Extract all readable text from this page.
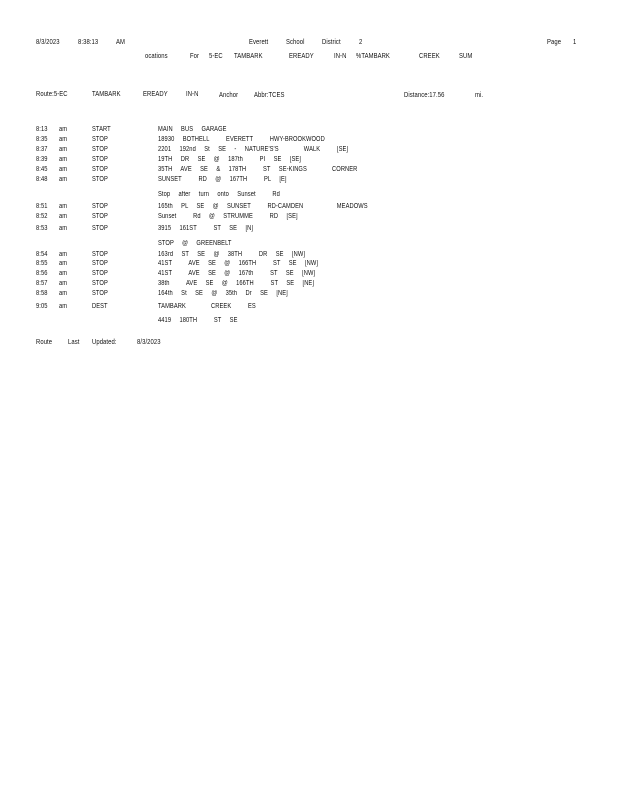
8/3/2023	8:38:13 AM	Everett School District	2	Page 1
ocations	For 5-EC TAMBARK	EREADY	IN-N %TAMBARK	CREEK	SUM
Route:5-EC	TAMBARK	EREADY	IN-N	Anchor Abbr:TCES	Distance:17.56	mi.
8:13 am	START	MAIN     BUS     GARAGE
8:35 am	STOP	18930     BOTHELL          EVERETT          HWY-BROOKWOOD
8:37 am	STOP	2201     192nd     St     SE     -     NATURE'S'S               WALK          [SE]
8:39 am	STOP	19TH     DR     SE     @     187th          PI     SE     [SE]
8:45 am	STOP	35TH     AVE     SE     &     178TH          ST     SE-KINGS               CORNER
8:48 am	STOP	SUNSET          RD     @     167TH          PL     [E]
Stop     after     turn     onto     Sunset          Rd
8:51 am	STOP	165th     PL     SE     @     SUNSET          RD-CAMDEN                    MEADOWS
8:52 am	STOP	Sunset          Rd     @     STRUMME          RD     [SE]
8:53 am	STOP	3915     161ST          ST     SE     [N]
STOP     @     GREENBELT
8:54 am	STOP	163rd     ST     SE     @     38TH          DR     SE     [NW]
8:55 am	STOP	41ST          AVE     SE     @     166TH          ST     SE     [NW]
8:56 am	STOP	41ST          AVE     SE     @     167th          ST     SE     [NW]
8:57 am	STOP	38th          AVE     SE     @     166TH          ST     SE     [NE]
8:58 am	STOP	164th     St     SE     @     35th     Dr     SE     [NE]
9:05 am	DEST	TAMBARK               CREEK          ES
4419     180TH          ST     SE
Route Last Updated:	8/3/2023
